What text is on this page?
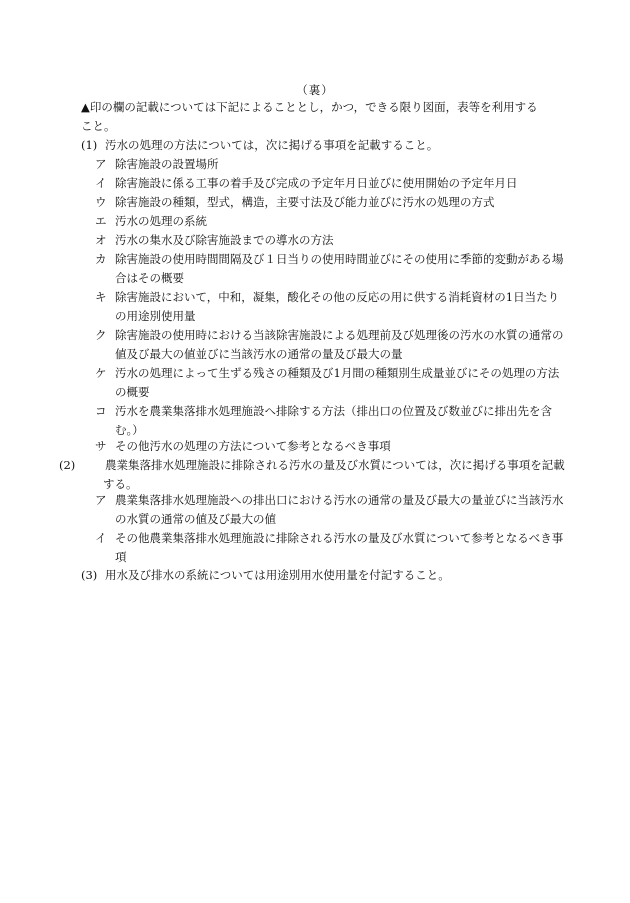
（裏）
▲印の欄の記載については下記によることとし，かつ，できる限り図面，表等を利用すること。
(1) 汚水の処理の方法については，次に掲げる事項を記載すること。
ア 除害施設の設置場所
イ 除害施設に係る工事の着手及び完成の予定年月日並びに使用開始の予定年月日
ウ 除害施設の種類，型式，構造，主要寸法及び能力並びに汚水の処理の方式
エ 汚水の処理の系統
オ 汚水の集水及び除害施設までの導水の方法
カ 除害施設の使用時間間隔及び１日当りの使用時間並びにその使用に季節的変動がある場合はその概要
キ 除害施設において，中和，凝集，酸化その他の反応の用に供する消耗資材の1日当たりの用途別使用量
ク 除害施設の使用時における当該除害施設による処理前及び処理後の汚水の水質の通常の値及び最大の値並びに当該汚水の通常の量及び最大の量
ケ 汚水の処理によって生ずる残さの種類及び1月間の種類別生成量並びにその処理の方法の概要
コ 汚水を農業集落排水処理施設へ排除する方法（排出口の位置及び数並びに排出先を含む。）
サ その他汚水の処理の方法について参考となるべき事項
(2)	農業集落排水処理施設に排除される汚水の量及び水質については，次に掲げる事項を記載する。
ア 農業集落排水処理施設への排出口における汚水の通常の量及び最大の量並びに当該汚水の水質の通常の値及び最大の値
イ その他農業集落排水処理施設に排除される汚水の量及び水質について参考となるべき事項
(3) 用水及び排水の系統については用途別用水使用量を付記すること。
